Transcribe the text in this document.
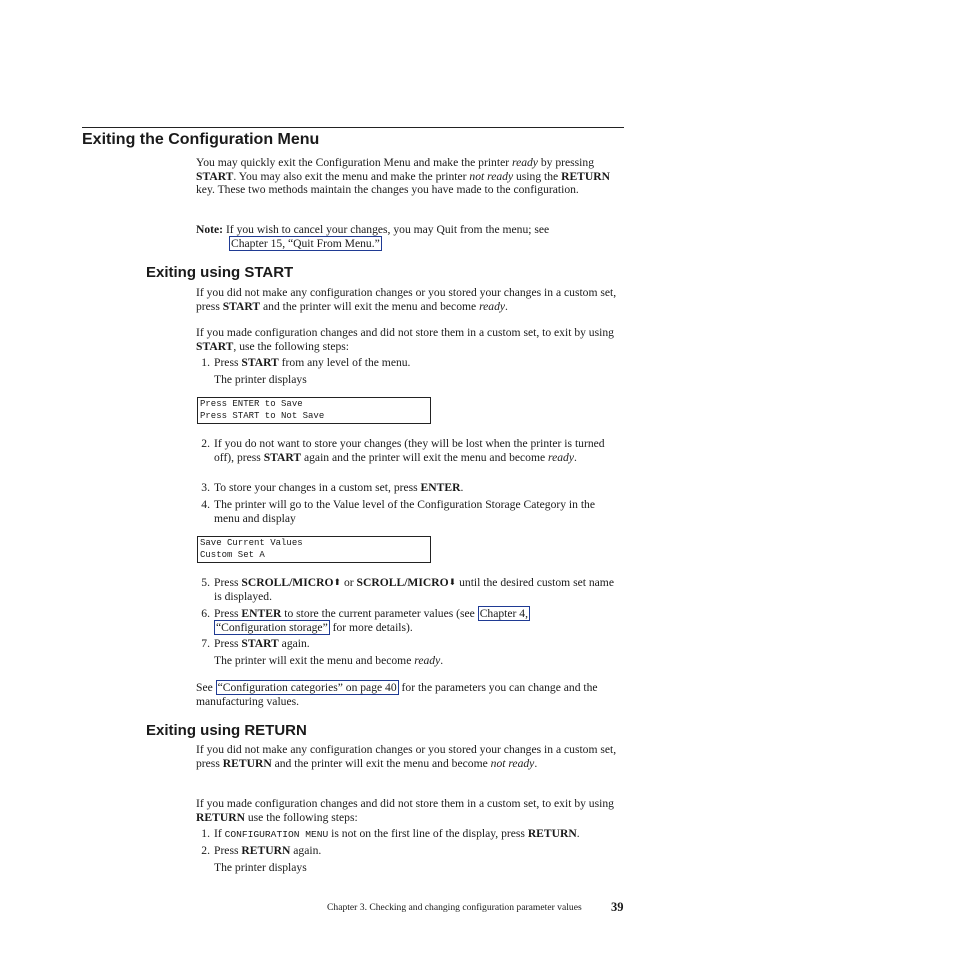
Exiting the Configuration Menu

You may quickly exit the Configuration Menu and make the printer ready by pressing START. You may also exit the menu and make the printer not ready using the RETURN key. These two methods maintain the changes you have made to the configuration.

Note: If you wish to cancel your changes, you may Quit from the menu; see

Chapter 15, “Quit From Menu.”

Exiting using START

If you did not make any configuration changes or you stored your changes in a custom set, press START and the printer will exit the menu and become ready.

If you made configuration changes and did not store them in a custom set, to exit by using START, use the following steps:

1. Press START from any level of the menu.
The printer displays
Press ENTER to Save
Press START to Not Save
2. If you do not want to store your changes (they will be lost when the printer is turned off), press START again and the printer will exit the menu and become ready.
3. To store your changes in a custom set, press ENTER.
4. The printer will go to the Value level of the Configuration Storage Category in the menu and display
Save Current Values
Custom Set A
5. Press SCROLL/MICRO⬆ or SCROLL/MICRO⬇ until the desired custom set name is displayed.
6. Press ENTER to store the current parameter values (see Chapter 4,
“Configuration storage” for more details).
7. Press START again.
The printer will exit the menu and become ready.

See “Configuration categories” on page 40 for the parameters you can change and the manufacturing values.

Exiting using RETURN

If you did not make any configuration changes or you stored your changes in a custom set, press RETURN and the printer will exit the menu and become not ready.

If you made configuration changes and did not store them in a custom set, to exit by using RETURN use the following steps:

1. If CONFIGURATION MENU is not on the first line of the display, press RETURN.
2. Press RETURN again.
The printer displays
Chapter 3. Checking and changing configuration parameter values 39
